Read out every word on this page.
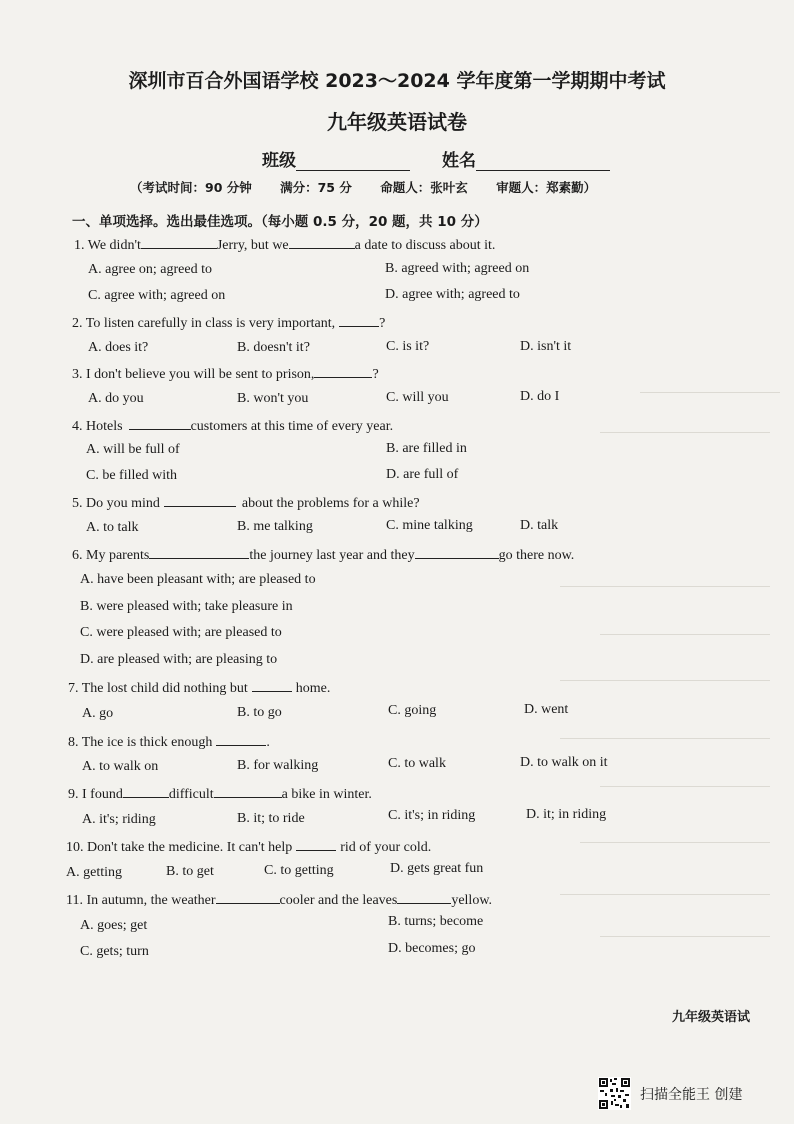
深圳市百合外国语学校 2023～2024 学年度第一学期期中考试
九年级英语试卷
班级	姓名
（考试时间：90 分钟 满分：75 分 命题人：张叶玄 审题人：郑素勤）
一、单项选择。选出最佳选项。（每小题 0.5 分，20 题，共 10 分）
1. We didn't	Jerry, but we	a date to discuss about it.
A. agree on; agreed to	B. agreed with; agreed on
C. agree with; agreed on	D. agree with; agreed to
2. To listen carefully in class is very important,	?
A. does it?	B. doesn't it?	C. is it?	D. isn't it
3. I don't believe you will be sent to prison,	?
A. do you	B. won't you	C. will you	D. do I
4. Hotels	customers at this time of every year.
A. will be full of	B. are filled in
C. be filled with	D. are full of
5. Do you mind	about the problems for a while?
A. to talk	B. me talking	C. mine talking	D. talk
6. My parents	the journey last year and they	go there now.
A. have been pleasant with; are pleased to
B. were pleased with; take pleasure in
C. were pleased with; are pleased to
D. are pleased with; are pleasing to
7. The lost child did nothing but	home.
A. go	B. to go	C. going	D. went
8. The ice is thick enough	.
A. to walk on	B. for walking	C. to walk	D. to walk on it
9. I found	difficult	a bike in winter.
A. it's; riding	B. it; to ride	C. it's; in riding	D. it; in riding
10. Don't take the medicine. It can't help	rid of your cold.
A. getting	B. to get	C. to getting	D. gets great fun
11. In autumn, the weather	cooler and the leaves	yellow.
A. goes; get	B. turns; become
C. gets; turn	D. becomes; go
九年级英语试
扫描全能王 创建
